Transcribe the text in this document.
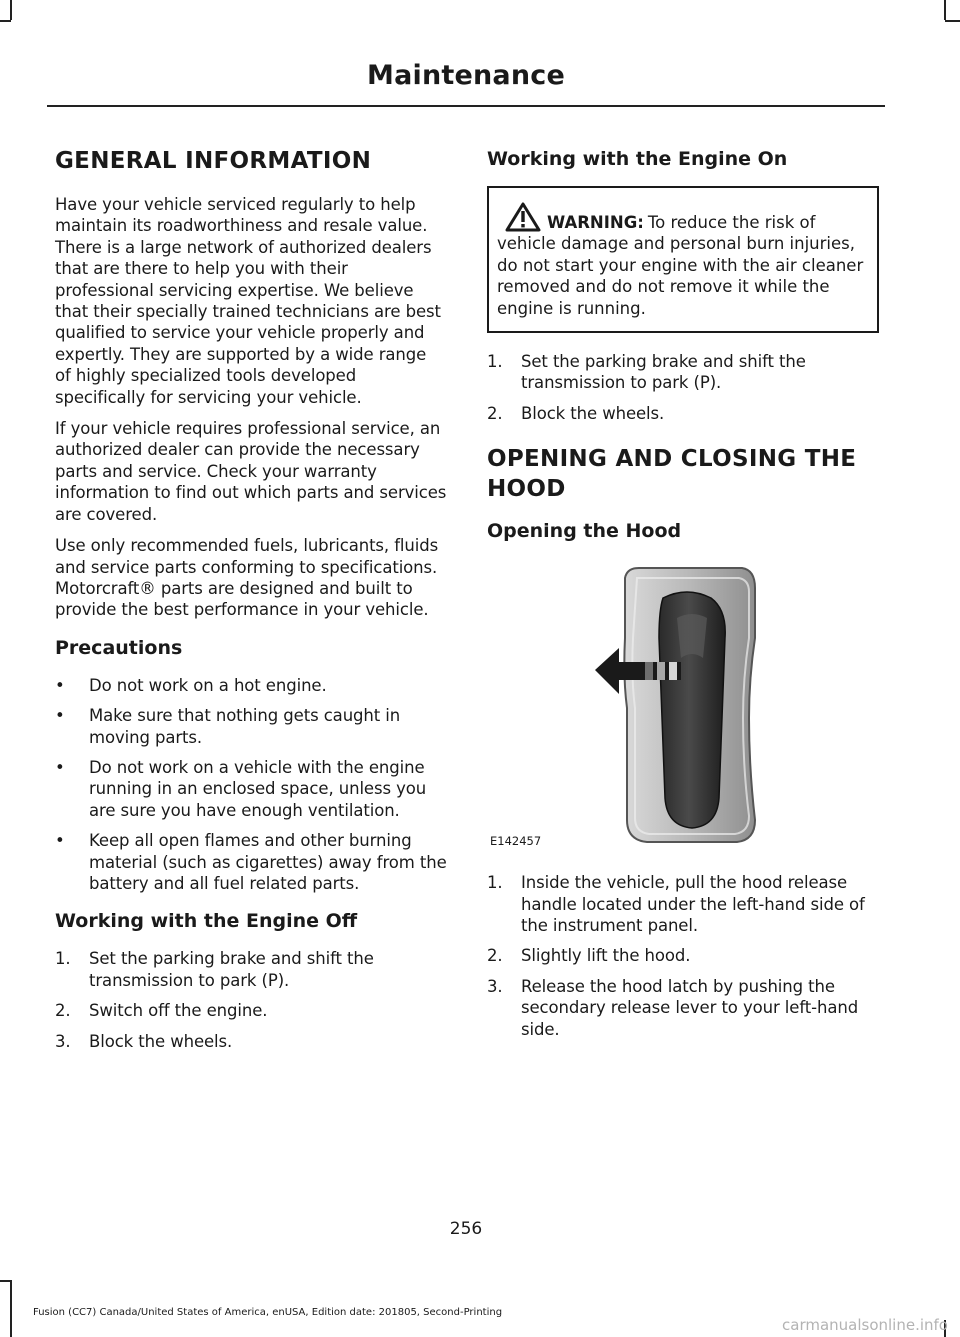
Maintenance
GENERAL INFORMATION

Have your vehicle serviced regularly to help maintain its roadworthiness and resale value. There is a large network of authorized dealers that are there to help you with their professional servicing expertise. We believe that their specially trained technicians are best qualified to service your vehicle properly and expertly. They are supported by a wide range of highly specialized tools developed specifically for servicing your vehicle.

If your vehicle requires professional service, an authorized dealer can provide the necessary parts and service. Check your warranty information to find out which parts and services are covered.

Use only recommended fuels, lubricants, fluids and service parts conforming to specifications. Motorcraft® parts are designed and built to provide the best performance in your vehicle.

Precautions
• Do not work on a hot engine.
• Make sure that nothing gets caught in moving parts.
• Do not work on a vehicle with the engine running in an enclosed space, unless you are sure you have enough ventilation.
• Keep all open flames and other burning material (such as cigarettes) away from the battery and all fuel related parts.
Working with the Engine Off
1. Set the parking brake and shift the transmission to park (P).
2. Switch off the engine.
3. Block the wheels.
Working with the Engine On
WARNING: To reduce the risk of vehicle damage and personal burn injuries, do not start your engine with the air cleaner removed and do not remove it while the engine is running.
1. Set the parking brake and shift the transmission to park (P).
2. Block the wheels.
OPENING AND CLOSING THE
HOOD
Opening the Hood
E142457
1. Inside the vehicle, pull the hood release handle located under the left-hand side of the instrument panel.
2. Slightly lift the hood.
3. Release the hood latch by pushing the secondary release lever to your left-hand side.
256
Fusion (CC7) Canada/United States of America, enUSA, Edition date: 201805, Second-Printing
carmanualsonline.info
